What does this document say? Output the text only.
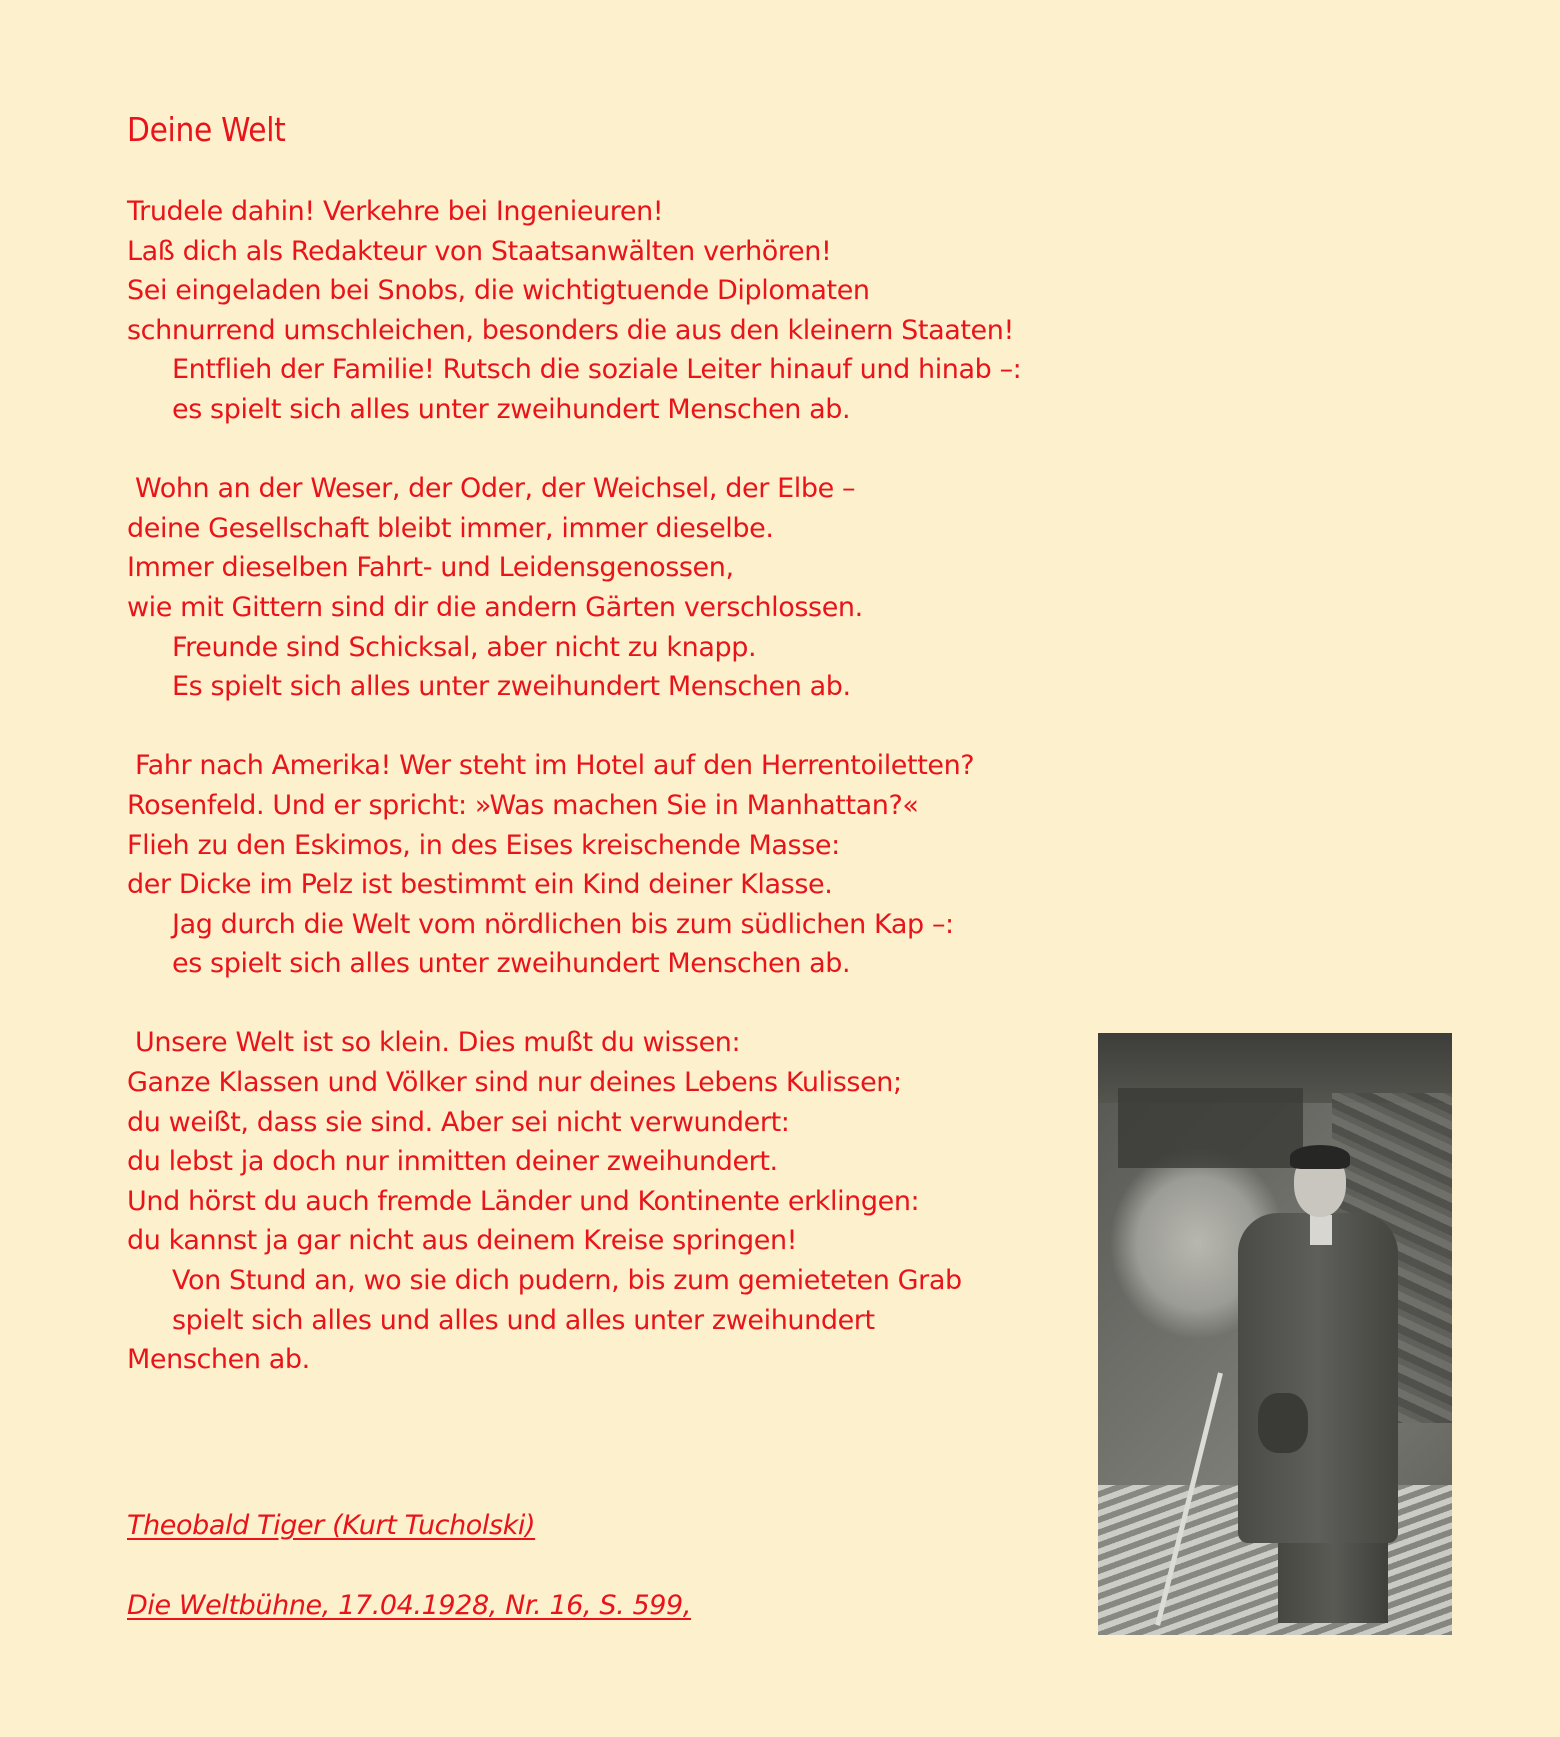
Deine Welt
Trudele dahin! Verkehre bei Ingenieuren!
Laß dich als Redakteur von Staatsanwälten verhören!
Sei eingeladen bei Snobs, die wichtigtuende Diplomaten
schnurrend umschleichen, besonders die aus den kleinern Staaten!
Entflieh der Familie! Rutsch die soziale Leiter hinauf und hinab –:
es spielt sich alles unter zweihundert Menschen ab.
Wohn an der Weser, der Oder, der Weichsel, der Elbe –
deine Gesellschaft bleibt immer, immer dieselbe.
Immer dieselben Fahrt- und Leidensgenossen,
wie mit Gittern sind dir die andern Gärten verschlossen.
Freunde sind Schicksal, aber nicht zu knapp.
Es spielt sich alles unter zweihundert Menschen ab.
Fahr nach Amerika! Wer steht im Hotel auf den Herrentoiletten?
Rosenfeld. Und er spricht: »Was machen Sie in Manhattan?«
Flieh zu den Eskimos, in des Eises kreischende Masse:
der Dicke im Pelz ist bestimmt ein Kind deiner Klasse.
Jag durch die Welt vom nördlichen bis zum südlichen Kap –:
es spielt sich alles unter zweihundert Menschen ab.
Unsere Welt ist so klein. Dies mußt du wissen:
Ganze Klassen und Völker sind nur deines Lebens Kulissen;
du weißt, dass sie sind. Aber sei nicht verwundert:
du lebst ja doch nur inmitten deiner zweihundert.
Und hörst du auch fremde Länder und Kontinente erklingen:
du kannst ja gar nicht aus deinem Kreise springen!
Von Stund an, wo sie dich pudern, bis zum gemieteten Grab
spielt sich alles und alles und alles unter zweihundert
Menschen ab.
Theobald Tiger (Kurt Tucholski)
Die Weltbühne, 17.04.1928, Nr. 16, S. 599,
